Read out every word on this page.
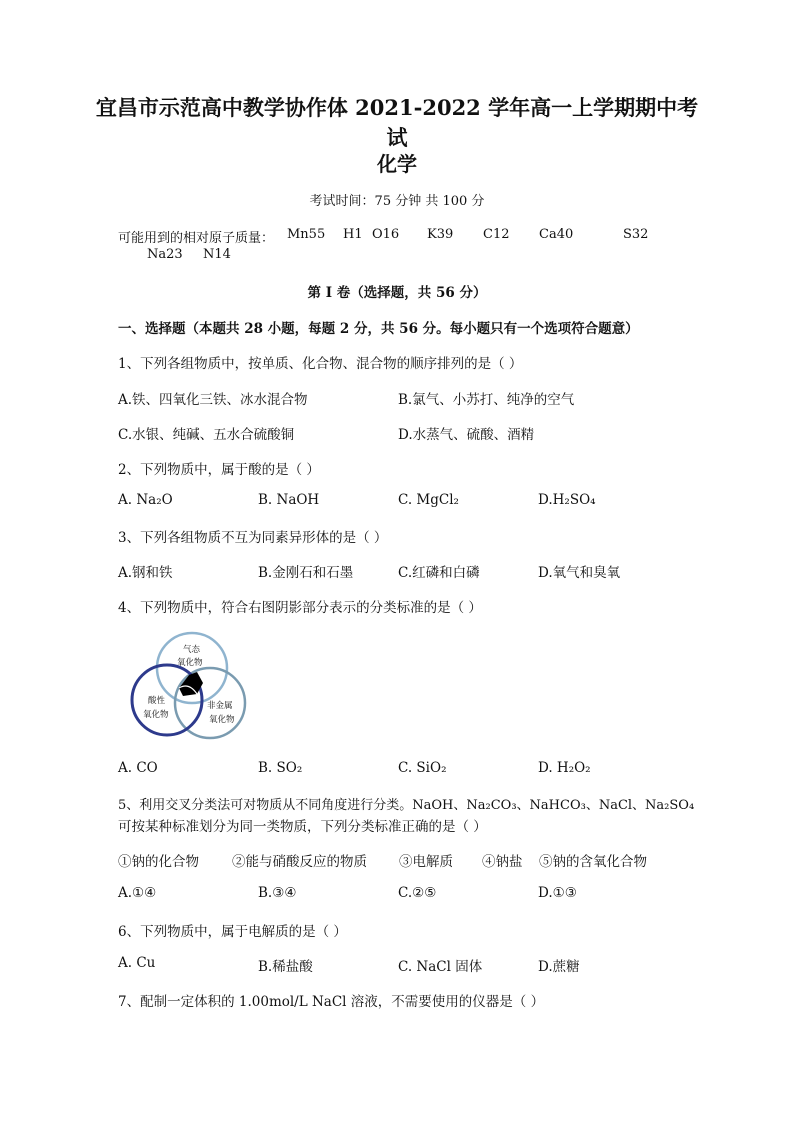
宜昌市示范高中教学协作体 2021-2022 学年高一上学期期中考
试
化学
考试时间：75 分钟 共 100 分
可能用到的相对原子质量： Mn55 H1 O16 K39 C12 Ca40	S32
Na23 N14
第 I 卷（选择题，共 56 分）
一、选择题（本题共 28 小题，每题 2 分，共 56 分。每小题只有一个选项符合题意）
1、下列各组物质中，按单质、化合物、混合物的顺序排列的是（ ）
A.铁、四氧化三铁、冰水混合物	B.氯气、小苏打、纯净的空气
C.水银、纯碱、五水合硫酸铜	D.水蒸气、硫酸、酒精
2、下列物质中，属于酸的是（ ）
A. Na₂O	B. NaOH	C. MgCl₂	D.H₂SO₄
3、下列各组物质不互为同素异形体的是（ ）
A.钢和铁	B.金刚石和石墨	C.红磷和白磷	D.氧气和臭氧
4、下列物质中，符合右图阴影部分表示的分类标准的是（ ）
气态
氧化物
酸性
氧化物
非金属
氧化物
A. CO	B. SO₂	C. SiO₂	D. H₂O₂
5、利用交叉分类法可对物质从不同角度进行分类。NaOH、Na₂CO₃、NaHCO₃、NaCl、Na₂SO₄
可按某种标准划分为同一类物质，下列分类标准正确的是（ ）
①钠的化合物 ②能与硝酸反应的物质 ③电解质 ④钠盐 ⑤钠的含氧化合物
A.①④	B.③④	C.②⑤	D.①③
6、下列物质中，属于电解质的是（ ）
A. Cu	B.稀盐酸	C. NaCl 固体	D.蔗糖
7、配制一定体积的 1.00mol/L NaCl 溶液，不需要使用的仪器是（ ）
